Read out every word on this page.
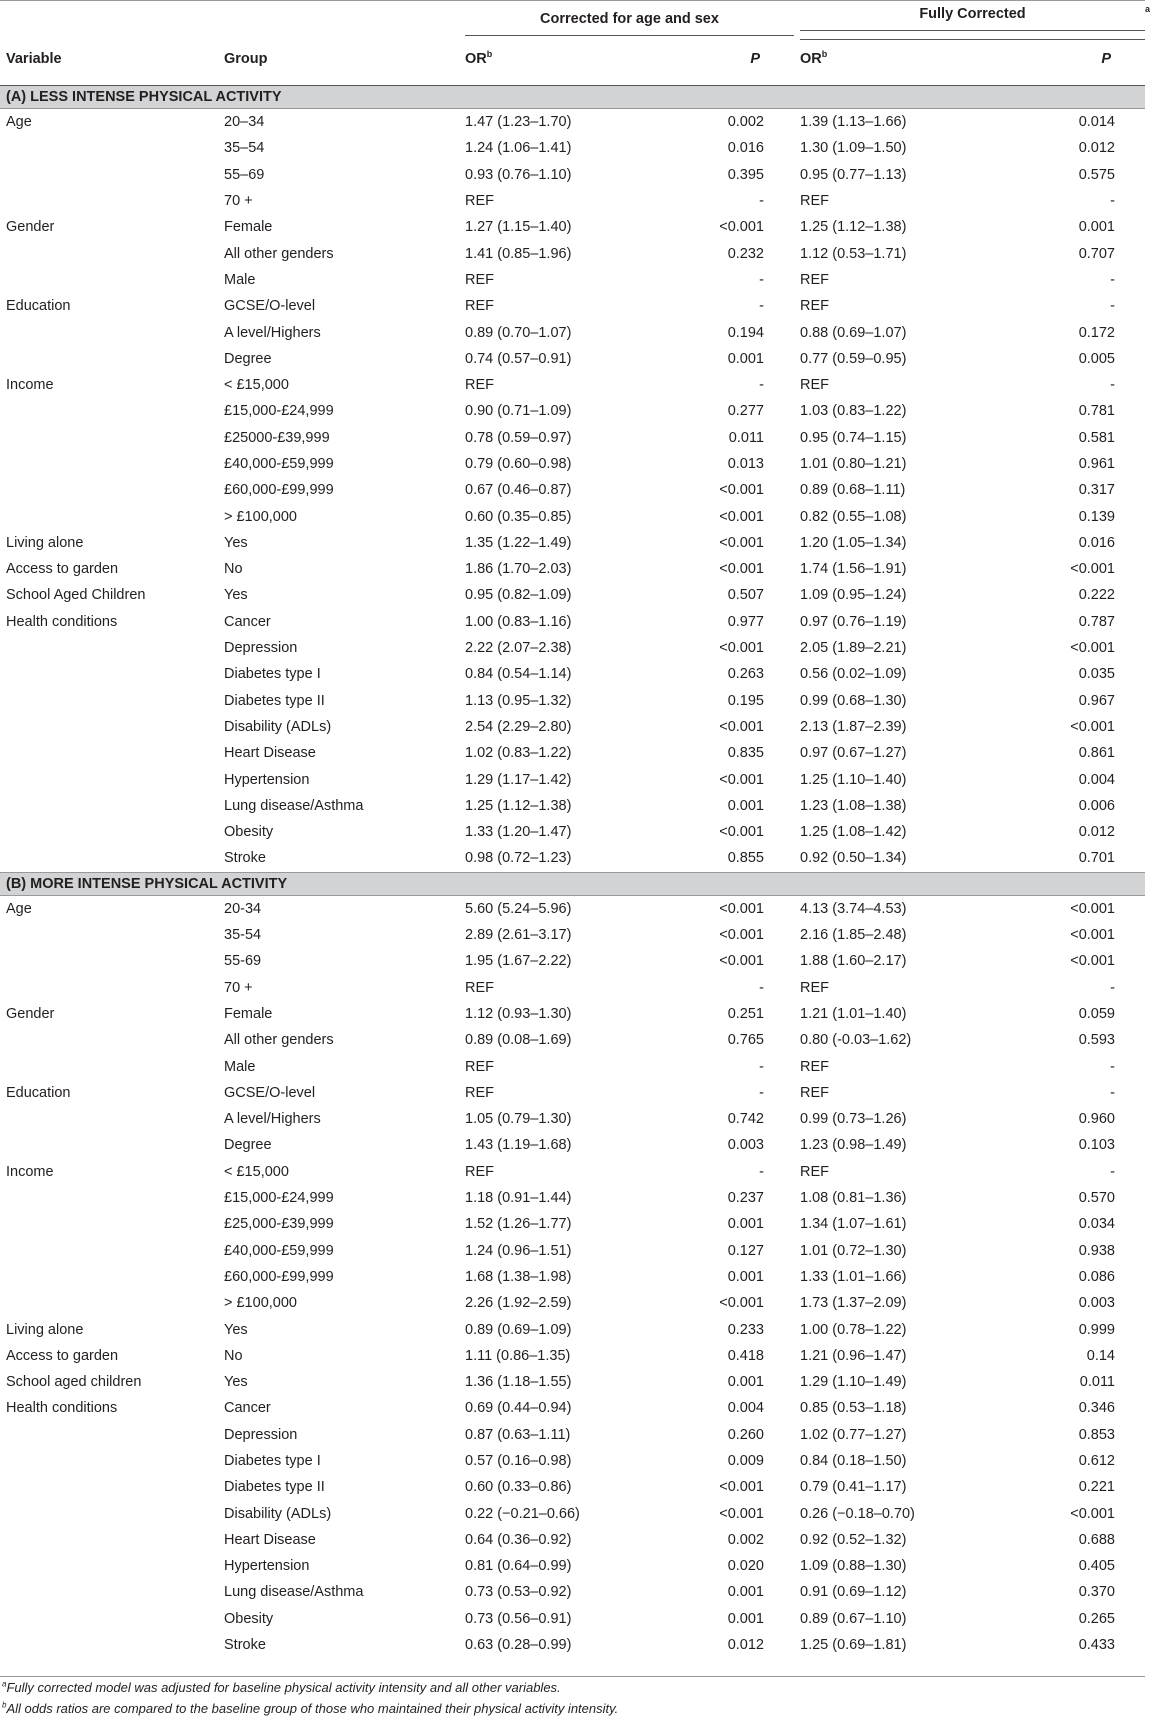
		Corrected for age and sex		Fully Corrected $^a$
Variable	Group	$OR^b$	P	$OR^b$	P
(A) LESS INTENSE PHYSICAL ACTIVITY					
Age	20–34	1.47 (1.23–1.70)	0.002	1.39 (1.13–1.66)	0.014
	35–54	1.24 (1.06–1.41)	0.016	1.30 (1.09–1.50)	0.012
	55–69	0.93 (0.76–1.10)	0.395	0.95 (0.77–1.13)	0.575
	70 +	REF	-	REF	-
Gender	Female	1.27 (1.15–1.40)	<0.001	1.25 (1.12–1.38)	0.001
	All other genders	1.41 (0.85–1.96)	0.232	1.12 (0.53–1.71)	0.707
	Male	REF	-	REF	-
Education	GCSE/O-level	REF	-	REF	-
	A level/Highers	0.89 (0.70–1.07)	0.194	0.88 (0.69–1.07)	0.172
	Degree	0.74 (0.57–0.91)	0.001	0.77 (0.59–0.95)	0.005
Income	< £15,000	REF	-	REF	-
	£15,000-£24,999	0.90 (0.71–1.09)	0.277	1.03 (0.83–1.22)	0.781
	£25000-£39,999	0.78 (0.59–0.97)	0.011	0.95 (0.74–1.15)	0.581
	£40,000-£59,999	0.79 (0.60–0.98)	0.013	1.01 (0.80–1.21)	0.961
	£60,000-£99,999	0.67 (0.46–0.87)	<0.001	0.89 (0.68–1.11)	0.317
	> £100,000	0.60 (0.35–0.85)	<0.001	0.82 (0.55–1.08)	0.139
Living alone	Yes	1.35 (1.22–1.49)	<0.001	1.20 (1.05–1.34)	0.016
Access to garden	No	1.86 (1.70–2.03)	<0.001	1.74 (1.56–1.91)	<0.001
School Aged Children	Yes	0.95 (0.82–1.09)	0.507	1.09 (0.95–1.24)	0.222
Health conditions	Cancer	1.00 (0.83–1.16)	0.977	0.97 (0.76–1.19)	0.787
	Depression	2.22 (2.07–2.38)	<0.001	2.05 (1.89–2.21)	<0.001
	Diabetes type I	0.84 (0.54–1.14)	0.263	0.56 (0.02–1.09)	0.035
	Diabetes type II	1.13 (0.95–1.32)	0.195	0.99 (0.68–1.30)	0.967
	Disability (ADLs)	2.54 (2.29–2.80)	<0.001	2.13 (1.87–2.39)	<0.001
	Heart Disease	1.02 (0.83–1.22)	0.835	0.97 (0.67–1.27)	0.861
	Hypertension	1.29 (1.17–1.42)	<0.001	1.25 (1.10–1.40)	0.004
	Lung disease/Asthma	1.25 (1.12–1.38)	0.001	1.23 (1.08–1.38)	0.006
	Obesity	1.33 (1.20–1.47)	<0.001	1.25 (1.08–1.42)	0.012
	Stroke	0.98 (0.72–1.23)	0.855	0.92 (0.50–1.34)	0.701
(B) MORE INTENSE PHYSICAL ACTIVITY					
Age	20-34	5.60 (5.24–5.96)	<0.001	4.13 (3.74–4.53)	<0.001
	35-54	2.89 (2.61–3.17)	<0.001	2.16 (1.85–2.48)	<0.001
	55-69	1.95 (1.67–2.22)	<0.001	1.88 (1.60–2.17)	<0.001
	70 +	REF	-	REF	-
Gender	Female	1.12 (0.93–1.30)	0.251	1.21 (1.01–1.40)	0.059
	All other genders	0.89 (0.08–1.69)	0.765	0.80 (-0.03–1.62)	0.593
	Male	REF	-	REF	-
Education	GCSE/O-level	REF	-	REF	-
	A level/Highers	1.05 (0.79–1.30)	0.742	0.99 (0.73–1.26)	0.960
	Degree	1.43 (1.19–1.68)	0.003	1.23 (0.98–1.49)	0.103
Income	< £15,000	REF	-	REF	-
	£15,000-£24,999	1.18 (0.91–1.44)	0.237	1.08 (0.81–1.36)	0.570
	£25,000-£39,999	1.52 (1.26–1.77)	0.001	1.34 (1.07–1.61)	0.034
	£40,000-£59,999	1.24 (0.96–1.51)	0.127	1.01 (0.72–1.30)	0.938
	£60,000-£99,999	1.68 (1.38–1.98)	0.001	1.33 (1.01–1.66)	0.086
	> £100,000	2.26 (1.92–2.59)	<0.001	1.73 (1.37–2.09)	0.003
Living alone	Yes	0.89 (0.69–1.09)	0.233	1.00 (0.78–1.22)	0.999
Access to garden	No	1.11 (0.86–1.35)	0.418	1.21 (0.96–1.47)	0.14
School aged children	Yes	1.36 (1.18–1.55)	0.001	1.29 (1.10–1.49)	0.011
Health conditions	Cancer	0.69 (0.44–0.94)	0.004	0.85 (0.53–1.18)	0.346
	Depression	0.87 (0.63–1.11)	0.260	1.02 (0.77–1.27)	0.853
	Diabetes type I	0.57 (0.16–0.98)	0.009	0.84 (0.18–1.50)	0.612
	Diabetes type II	0.60 (0.33–0.86)	<0.001	0.79 (0.41–1.17)	0.221
	Disability (ADLs)	0.22 (−0.21–0.66)	<0.001	0.26 (−0.18–0.70)	<0.001
	Heart Disease	0.64 (0.36–0.92)	0.002	0.92 (0.52–1.32)	0.688
	Hypertension	0.81 (0.64–0.99)	0.020	1.09 (0.88–1.30)	0.405
	Lung disease/Asthma	0.73 (0.53–0.92)	0.001	0.91 (0.69–1.12)	0.370
	Obesity	0.73 (0.56–0.91)	0.001	0.89 (0.67–1.10)	0.265
	Stroke	0.63 (0.28–0.99)	0.012	1.25 (0.69–1.81)	0.433
$^a$Fully corrected model was adjusted for baseline physical activity intensity and all other variables.
$^b$All odds ratios are compared to the baseline group of those who maintained their physical activity intensity.
